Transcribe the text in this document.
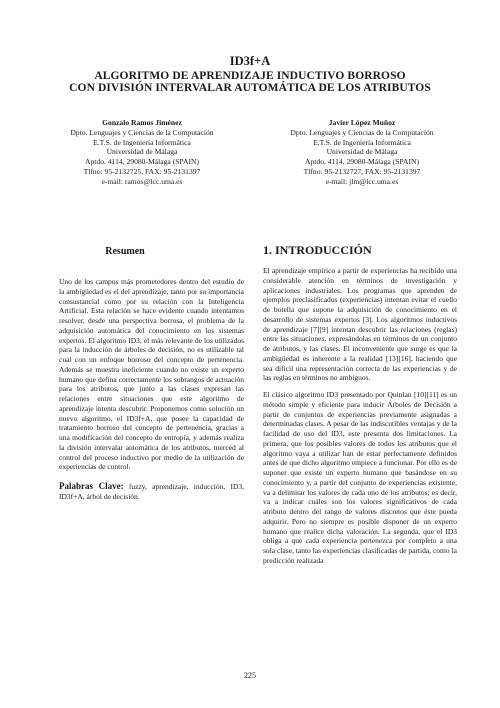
ID3f+A
ALGORITMO DE APRENDIZAJE INDUCTIVO BORROSO
CON DIVISIÓN INTERVALAR AUTOMÁTICA DE LOS ATRIBUTOS
Gonzalo Ramos Jiménez
Dpto. Lenguajes y Ciencias de la Computación
E.T.S. de Ingeniería Informática
Universidad de Málaga
Aptdo. 4114, 29080-Málaga (SPAIN)
Tlfno: 95-2132725, FAX: 95-2131397
e-mail: ramos@lcc.uma.es
Javier López Muñoz
Dpto. Lenguajes y Ciencias de la Computación
E.T.S. de Ingeniería Informática
Universidad de Málaga
Aptdo. 4114, 29080-Málaga (SPAIN)
Tlfno: 95-2132727, FAX: 95-2131397
e-mail: jlm@lcc.uma.es
Resumen	1. INTRODUCCIÓN

Uno de los campos más prometedores dentro del estudio de la ambigüedad es el del aprendizaje, tanto por su importancia consustancial como por su relación con la Inteligencia Artificial. Esta relación se hace evidente cuando intentamos resolver, desde una perspectiva borrosa, el problema de la adquisición automática del conocimiento en los sistemas expertos. El algoritmo ID3, el más relevante de los utilizados para la inducción de árboles de decisión, no es utilizable tal cual con un enfoque borroso del concepto de pertenencia. Además se muestra ineficiente cuando no existe un experto humano que defina correctamente los subrangos de actuación para los atributos, que junto a las clases expresan las relaciones entre situaciones que este algoritmo de aprendizaje intenta descubrir. Proponemos como solución un nuevo algoritmo, el ID3f+A, que posee la capacidad de tratamiento borroso del concepto de pertenencia, gracias a una modificación del concepto de entropía, y además realiza la división intervalar automática de los atributos, merced al control del proceso inductivo por medio de la utilización de experiencias de control.

Palabras Clave: fuzzy, aprendizaje, inducción, ID3, ID3f+A, árbol de decisión.

El aprendizaje empírico a partir de experiencias ha recibido una considerable atención en términos de investigación y aplicaciones industriales. Los programas que aprenden de ejemplos preclasificados (experiencias) intentan evitar el cuello de botella que supone la adquisición de conocimiento en el desarrollo de sistemas expertos [3]. Los algoritmos inductivos de aprendizaje [7][9] intentan descubrir las relaciones (reglas) entre las situaciones, expresándolas en términos de un conjunto de atributos, y las clases. El inconveniente que surge es que la ambigüedad es inherente a la realidad [13][16], haciendo que sea difícil una representación correcta de las experiencias y de las reglas en términos no ambiguos.

El clásico algoritmo ID3 presentado por Quinlan [10][11] es un método simple y eficiente para inducir Árboles de Decisión a partir de conjuntos de experiencias previamente asignadas a determinadas clases. A pesar de las indiscutibles ventajas y de la facilidad de uso del ID3, este presenta dos limitaciones. La primera, que los posibles valores de todos los atributos que el algoritmo vaya a utilizar han de estar perfectamente definidos antes de que dicho algoritmo empiece a funcionar. Por ello es de suponer que existe un experto humano que basándose en su conocimiento y, a partir del conjunto de experiencias existente, va a delimitar los valores de cada uno de los atributos; es decir, va a indicar cuáles son los valores significativos de cada atributo dentro del rango de valores discretos que éste pueda adquirir. Pero no siempre es posible disponer de un experto humano que realice dicha valoración. La segunda, que el ID3 obliga a que cada experiencia pertenezca por completo a una sola clase, tanto las experiencias clasificadas de partida, como la predicción realizada

225
